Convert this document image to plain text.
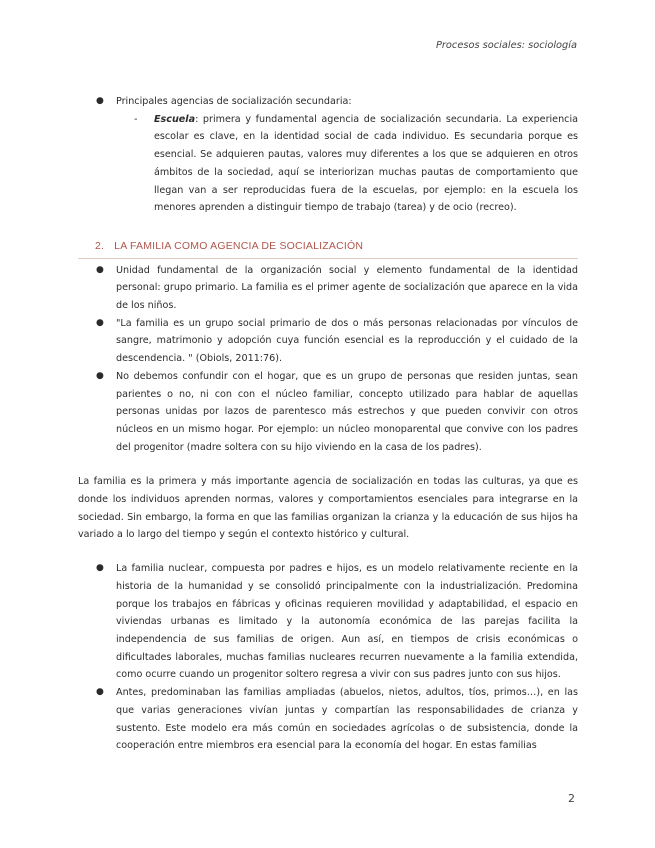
Procesos sociales: sociología
● Principales agencias de socialización secundaria:
- Escuela: primera y fundamental agencia de socialización secundaria. La experiencia escolar es clave, en la identidad social de cada individuo. Es secundaria porque es esencial. Se adquieren pautas, valores muy diferentes a los que se adquieren en otros ámbitos de la sociedad, aquí se interiorizan muchas pautas de comportamiento que llegan van a ser reproducidas fuera de la escuelas, por ejemplo: en la escuela los menores aprenden a distinguir tiempo de trabajo (tarea) y de ocio (recreo).
2. LA FAMILIA COMO AGENCIA DE SOCIALIZACIÓN
● Unidad fundamental de la organización social y elemento fundamental de la identidad personal: grupo primario. La familia es el primer agente de socialización que aparece en la vida de los niños.
● "La familia es un grupo social primario de dos o más personas relacionadas por vínculos de sangre, matrimonio y adopción cuya función esencial es la reproducción y el cuidado de la descendencia. " (Obiols, 2011:76).
● No debemos confundir con el hogar, que es un grupo de personas que residen juntas, sean parientes o no, ni con con el núcleo familiar, concepto utilizado para hablar de aquellas personas unidas por lazos de parentesco más estrechos y que pueden convivir con otros núcleos en un mismo hogar. Por ejemplo: un núcleo monoparental que convive con los padres del progenitor (madre soltera con su hijo viviendo en la casa de los padres).

La familia es la primera y más importante agencia de socialización en todas las culturas, ya que es donde los individuos aprenden normas, valores y comportamientos esenciales para integrarse en la sociedad. Sin embargo, la forma en que las familias organizan la crianza y la educación de sus hijos ha variado a lo largo del tiempo y según el contexto histórico y cultural.

● La familia nuclear, compuesta por padres e hijos, es un modelo relativamente reciente en la historia de la humanidad y se consolidó principalmente con la industrialización. Predomina porque los trabajos en fábricas y oficinas requieren movilidad y adaptabilidad, el espacio en viviendas urbanas es limitado y la autonomía económica de las parejas facilita la independencia de sus familias de origen. Aun así, en tiempos de crisis económicas o dificultades laborales, muchas familias nucleares recurren nuevamente a la familia extendida, como ocurre cuando un progenitor soltero regresa a vivir con sus padres junto con sus hijos.
● Antes, predominaban las familias ampliadas (abuelos, nietos, adultos, tíos, primos…), en las que varias generaciones vivían juntas y compartían las responsabilidades de crianza y sustento. Este modelo era más común en sociedades agrícolas o de subsistencia, donde la cooperación entre miembros era esencial para la economía del hogar. En estas familias
2
